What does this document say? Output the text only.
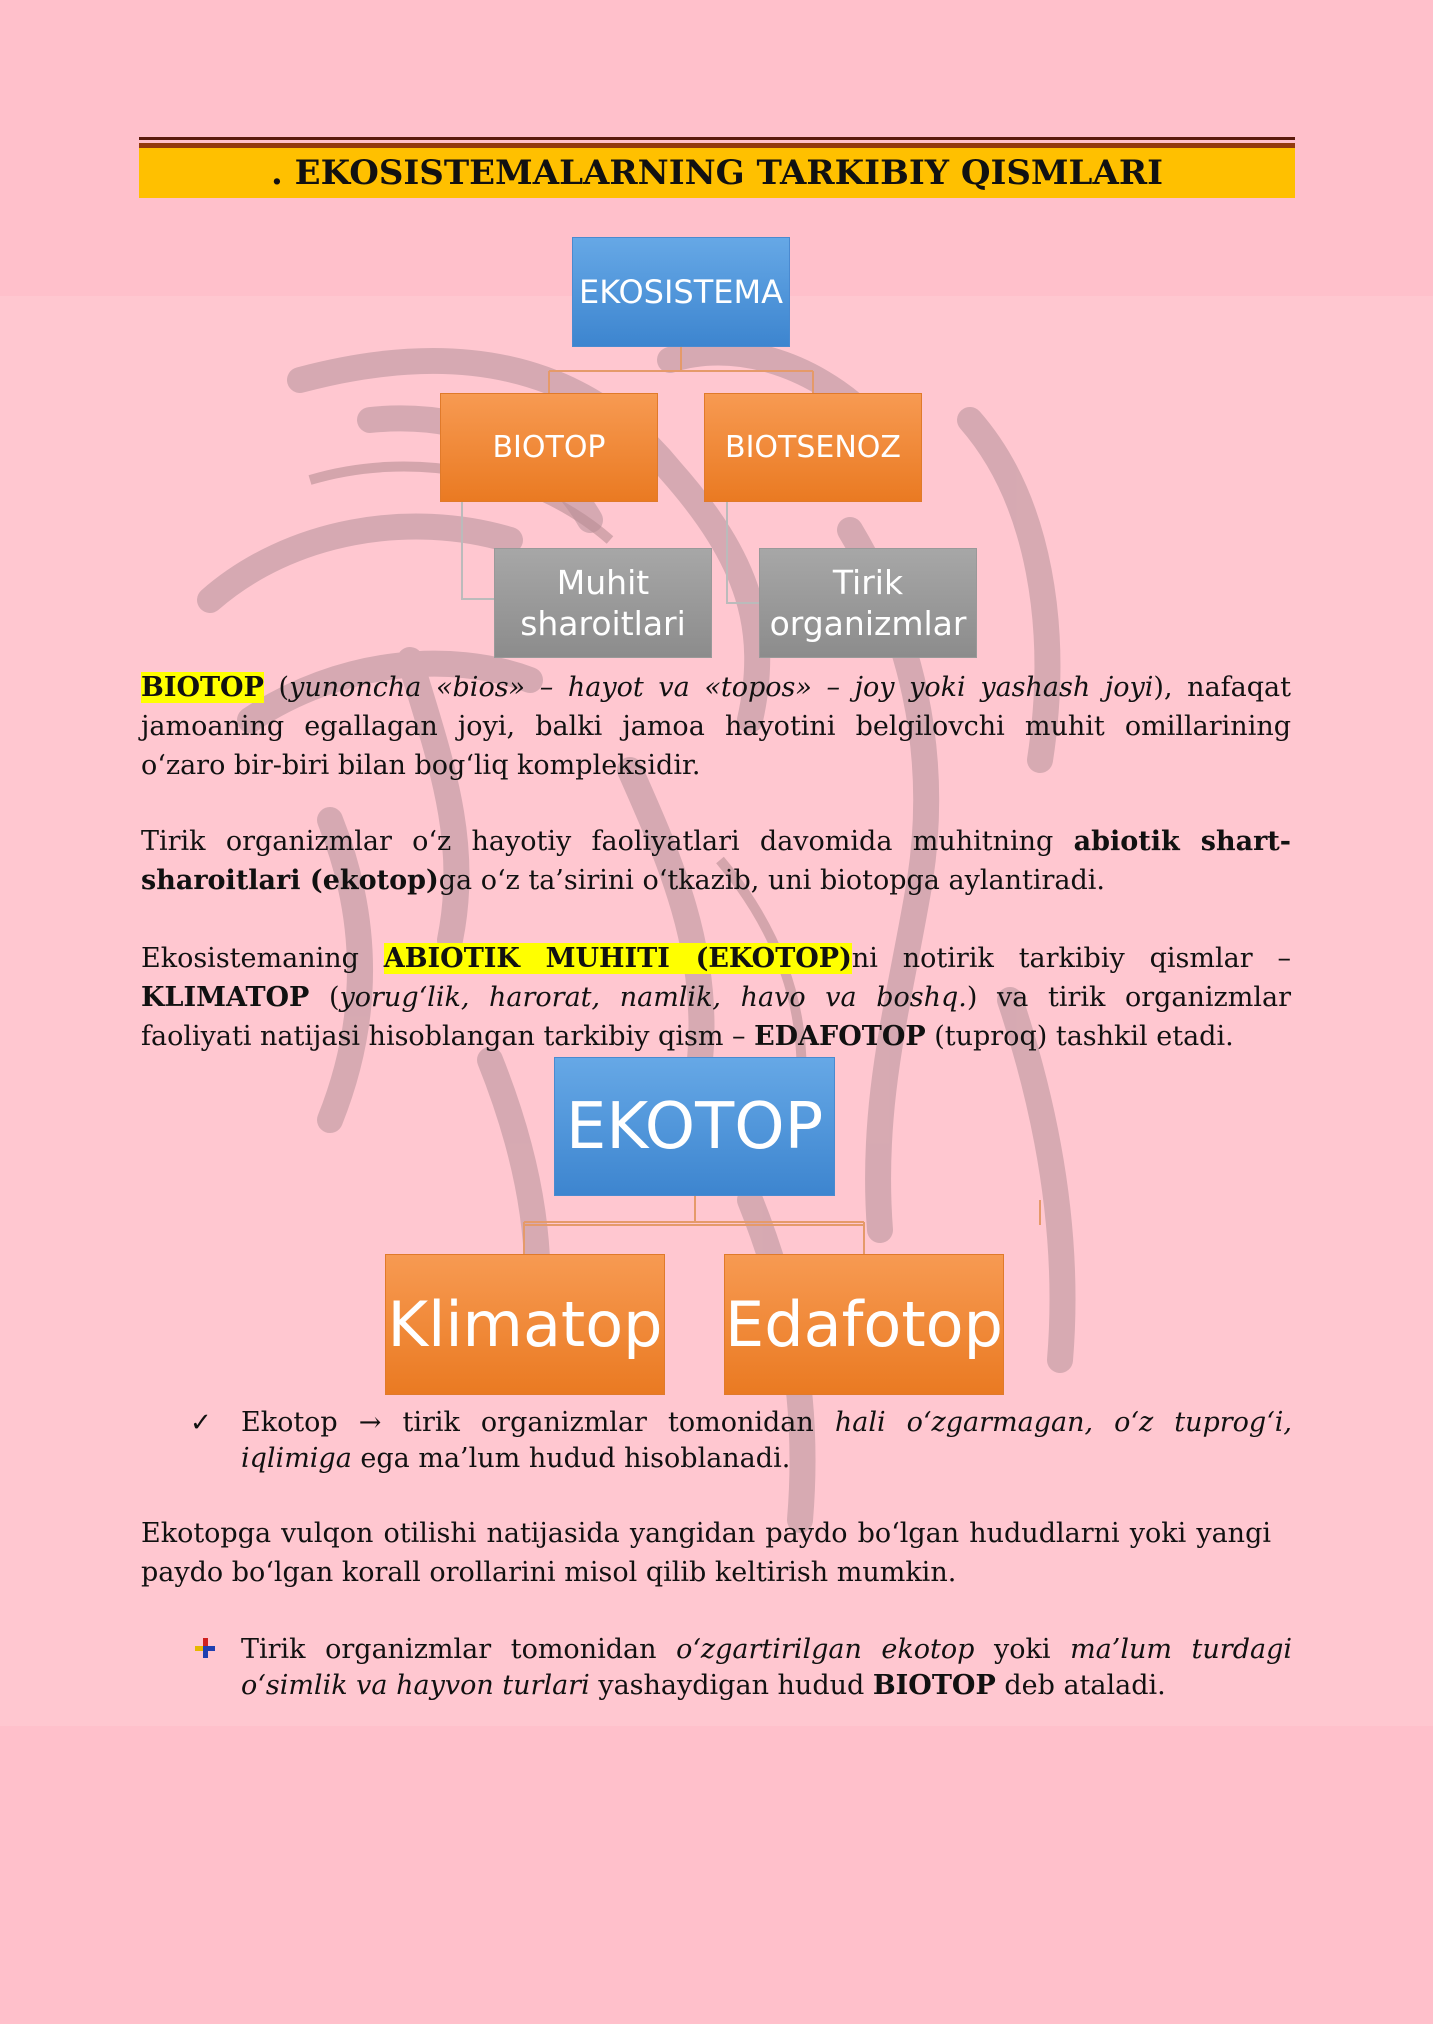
. EKOSISTEMALARNING TARKIBIY QISMLARI
EKOSISTEMA
BIOTOP	BIOTSENOZ
Muhit sharoitlari
Tirik organizmlar

BIOTOP (yunoncha «bios» – hayot va «topos» – joy yoki yashash joyi), nafaqat jamoaning egallagan joyi, balki jamoa hayotini belgilovchi muhit omillarining o‘zaro bir-biri bilan bog‘liq kompleksidir.

Tirik organizmlar o‘z hayotiy faoliyatlari davomida muhitning abiotik shart-sharoitlari (ekotop)ga o‘z ta’sirini o‘tkazib, uni biotopga aylantiradi.

Ekosistemaning ABIOTIK MUHITI (EKOTOP)ni notirik tarkibiy qismlar – KLIMATOP (yorug‘lik, harorat, namlik, havo va boshq.) va tirik organizmlar faoliyati natijasi hisoblangan tarkibiy qism – EDAFOTOP (tuproq) tashkil etadi.

EKOTOP
Klimatop Edafotop
✓	Ekotop → tirik organizmlar tomonidan hali o‘zgarmagan, o‘z tuprog‘i, iqlimiga ega ma’lum hudud hisoblanadi.

Ekotopga vulqon otilishi natijasida yangidan paydo bo‘lgan hududlarni yoki yangi paydo bo‘lgan korall orollarini misol qilib keltirish mumkin.

Tirik organizmlar tomonidan o‘zgartirilgan ekotop yoki ma’lum turdagi o‘simlik va hayvon turlari yashaydigan hudud BIOTOP deb ataladi.
